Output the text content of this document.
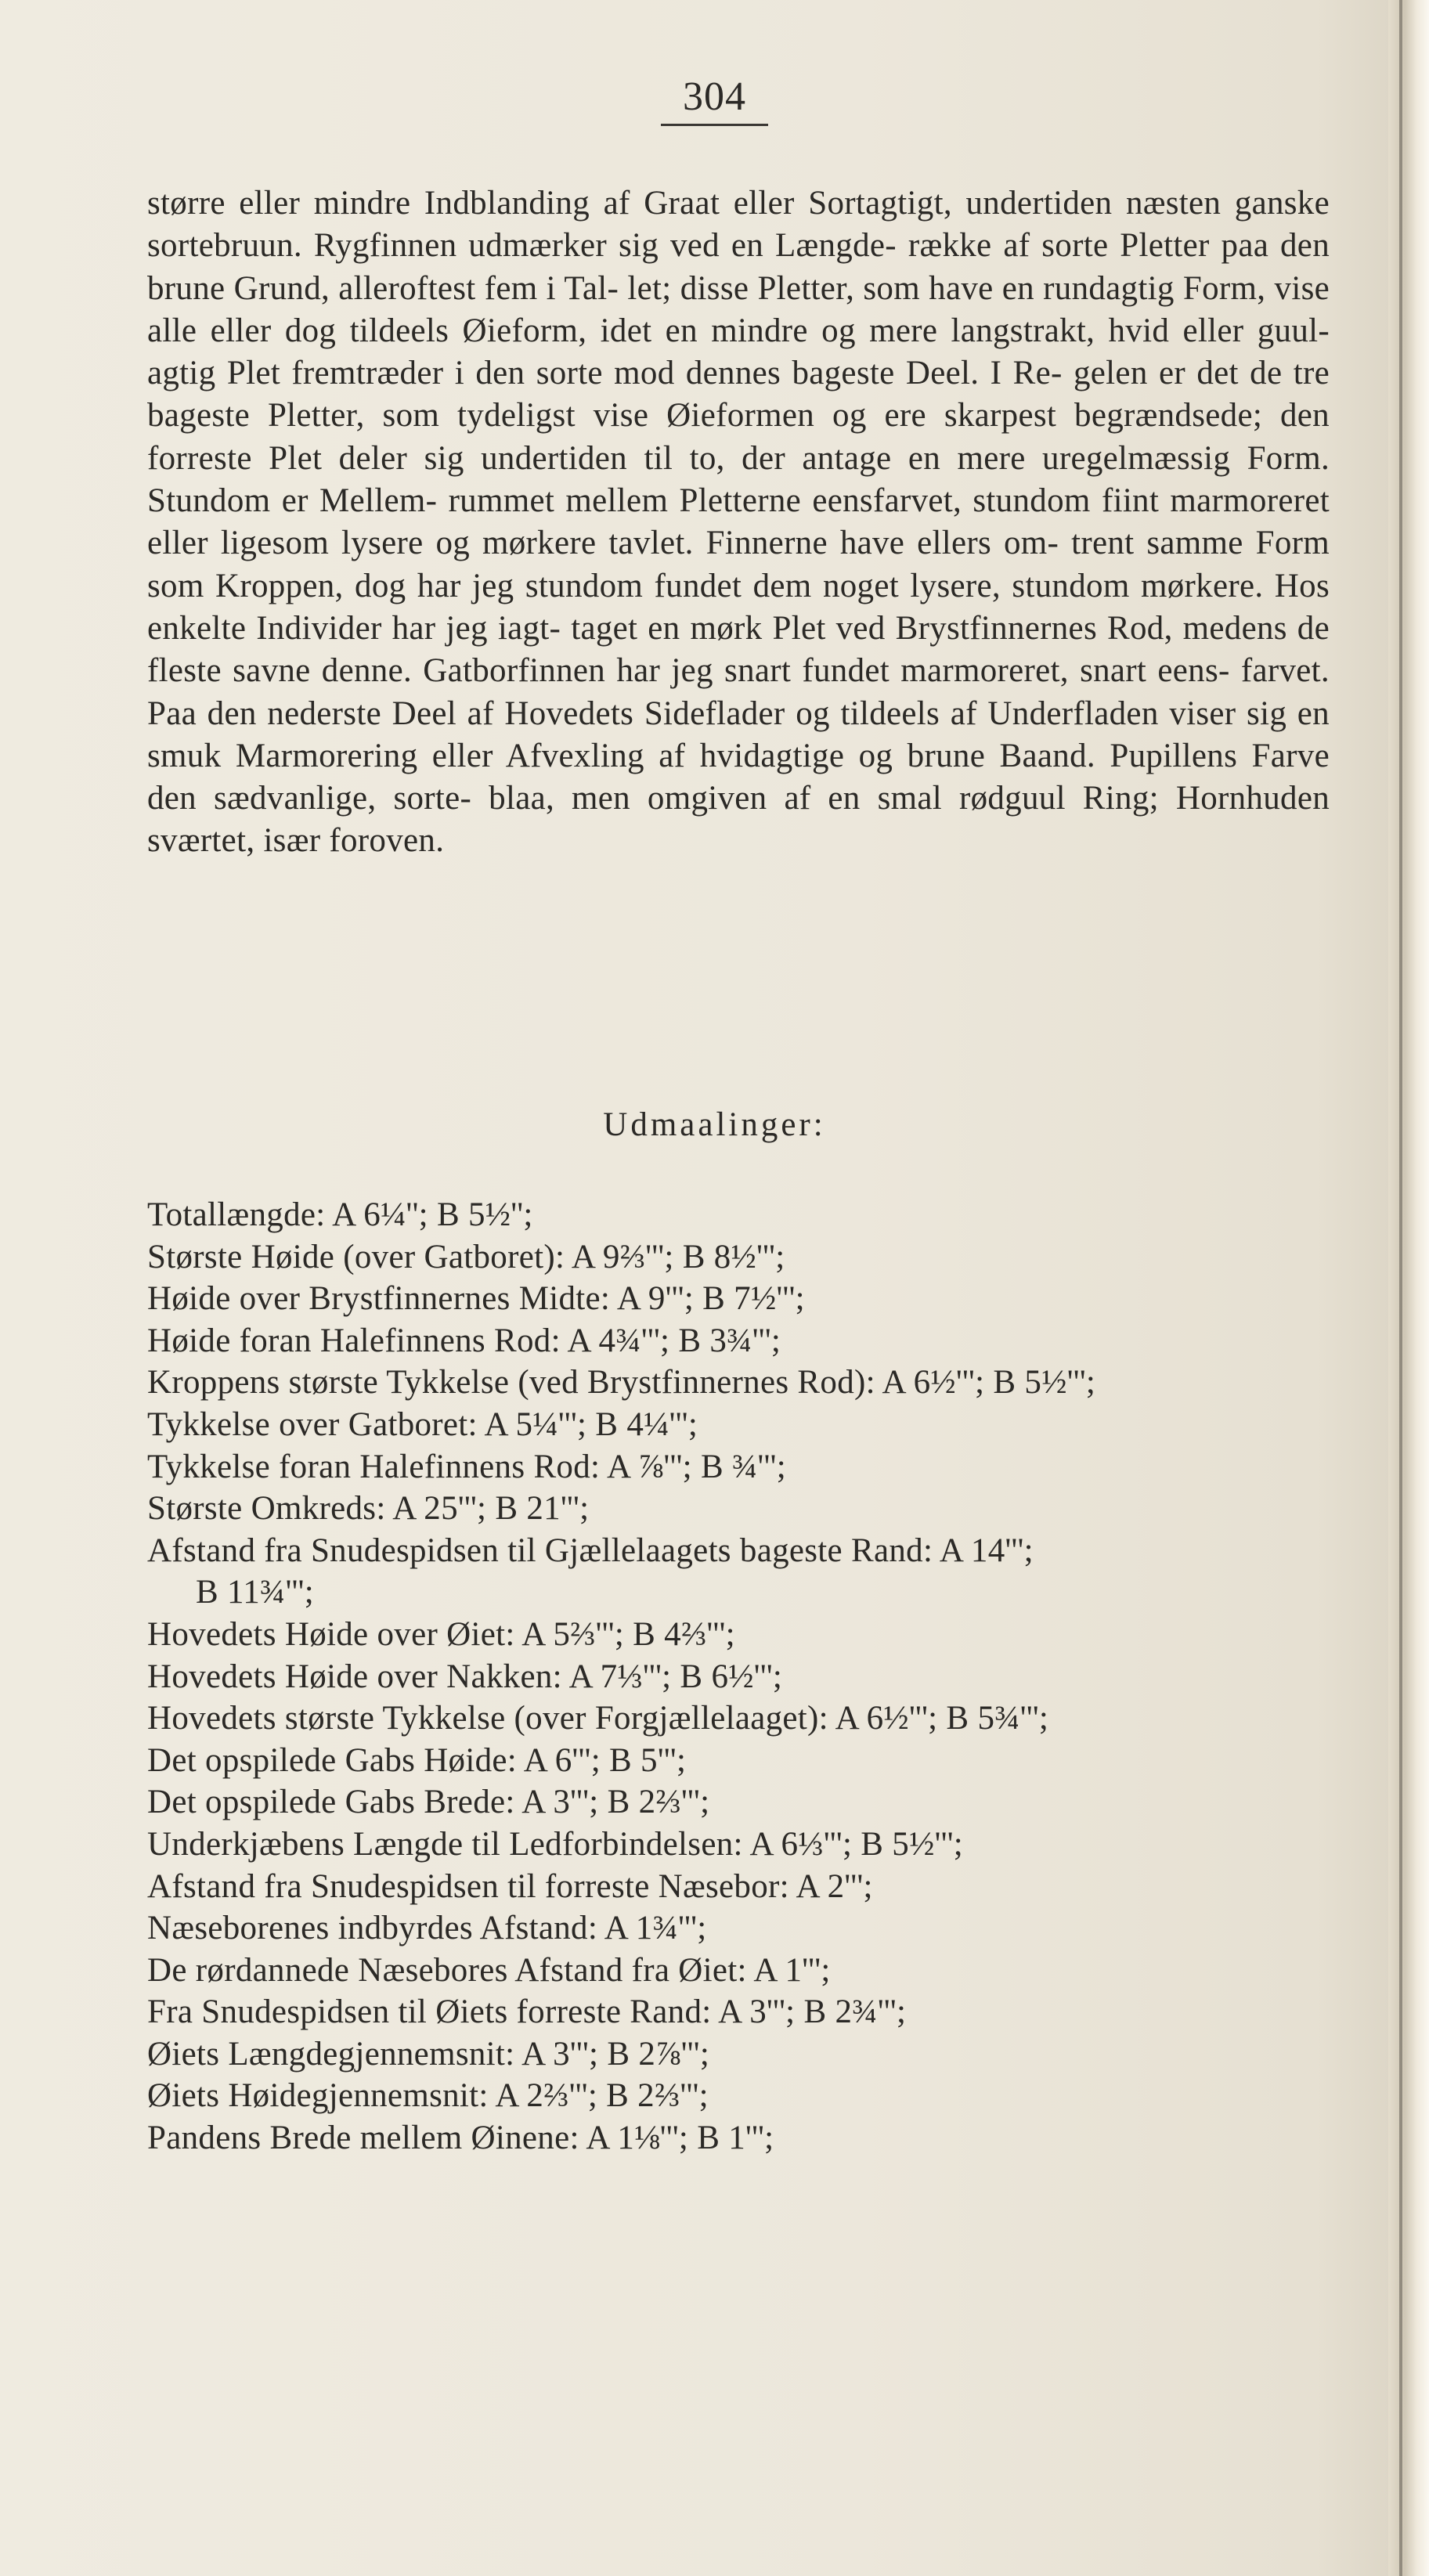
304

større eller mindre Indblanding af Graat eller Sortagtigt, undertiden næsten ganske sortebruun. Rygfinnen udmærker sig ved en Længde- række af sorte Pletter paa den brune Grund, alleroftest fem i Tal- let; disse Pletter, som have en rundagtig Form, vise alle eller dog tildeels Øieform, idet en mindre og mere langstrakt, hvid eller guul- agtig Plet fremtræder i den sorte mod dennes bageste Deel. I Re- gelen er det de tre bageste Pletter, som tydeligst vise Øieformen og ere skarpest begrændsede; den forreste Plet deler sig undertiden til to, der antage en mere uregelmæssig Form. Stundom er Mellem- rummet mellem Pletterne eensfarvet, stundom fiint marmoreret eller ligesom lysere og mørkere tavlet. Finnerne have ellers om- trent samme Form som Kroppen, dog har jeg stundom fundet dem noget lysere, stundom mørkere. Hos enkelte Individer har jeg iagt- taget en mørk Plet ved Brystfinnernes Rod, medens de fleste savne denne. Gatborfinnen har jeg snart fundet marmoreret, snart eens- farvet. Paa den nederste Deel af Hovedets Sideflader og tildeels af Underfladen viser sig en smuk Marmorering eller Afvexling af hvidagtige og brune Baand. Pupillens Farve den sædvanlige, sorte- blaa, men omgiven af en smal rødguul Ring; Hornhuden sværtet, især foroven.

Udmaalinger:
Totallængde: A 6¼''; B 5½'';
Største Høide (over Gatboret): A 9⅔'''; B 8½''';
Høide over Brystfinnernes Midte: A 9'''; B 7½''';
Høide foran Halefinnens Rod: A 4¾'''; B 3¾''';
Kroppens største Tykkelse (ved Brystfinnernes Rod): A 6½'''; B 5½''';
Tykkelse over Gatboret: A 5¼'''; B 4¼''';
Tykkelse foran Halefinnens Rod: A ⅞'''; B ¾''';
Største Omkreds: A 25'''; B 21''';
Afstand fra Snudespidsen til Gjællelaagets bageste Rand: A 14''';
B 11¾''';
Hovedets Høide over Øiet: A 5⅔'''; B 4⅔''';
Hovedets Høide over Nakken: A 7⅓'''; B 6½''';
Hovedets største Tykkelse (over Forgjællelaaget): A 6½'''; B 5¾''';
Det opspilede Gabs Høide: A 6'''; B 5''';
Det opspilede Gabs Brede: A 3'''; B 2⅔''';
Underkjæbens Længde til Ledforbindelsen: A 6⅓'''; B 5½''';
Afstand fra Snudespidsen til forreste Næsebor: A 2''';
Næseborenes indbyrdes Afstand: A 1¾''';
De rørdannede Næsebores Afstand fra Øiet: A 1''';
Fra Snudespidsen til Øiets forreste Rand: A 3'''; B 2¾''';
Øiets Længdegjennemsnit: A 3'''; B 2⅞''';
Øiets Høidegjennemsnit: A 2⅔'''; B 2⅔''';
Pandens Brede mellem Øinene: A 1⅛'''; B 1''';
